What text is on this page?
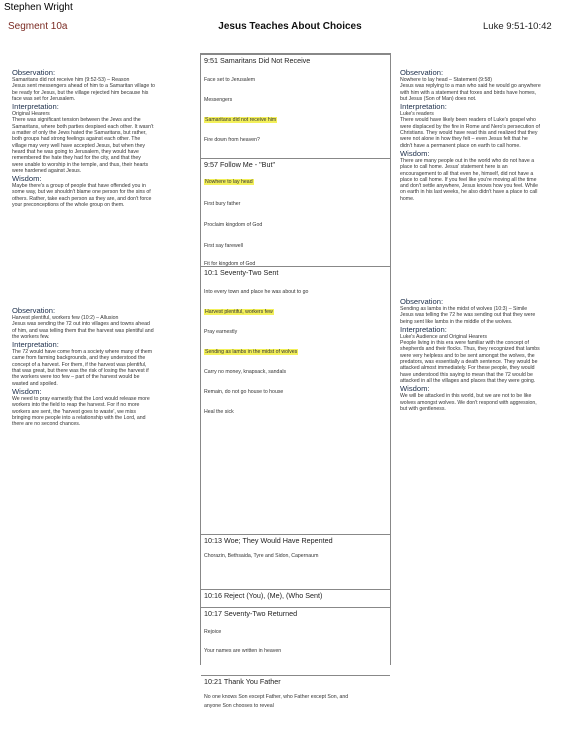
Stephen Wright
Segment 10a	Jesus Teaches About Choices	Luke 9:51-10:42

Observation:

Samaritans did not receive him (9:52-53) – Reason

Jesus sent messengers ahead of him to a Samaritan village to

be ready for Jesus, but the village rejected him because his

face was set for Jerusalem.

Interpretation:

Original Hearers

There was significant tension between the Jews and the

Samaritans, where both parties despised each other. It wasn't

a matter of only the Jews hated the Samaritans, but rather,

both groups had strong feelings against each other. The

village may very well have accepted Jesus, but when they

heard that he was going to Jerusalem, they would have

remembered the hate they had for the city, and that they

were unable to worship in the temple, and thus, their hearts

were hardened against Jesus.

Wisdom:

Maybe there's a group of people that have offended you in

some way, but we shouldn't blame one person for the sins of

others. Rather, take each person as they are, and don't force

your preconceptions of the whole group on them.

Observation:

Harvest plentiful, workers few (10:2) – Allusion

Jesus was sending the 72 out into villages and towns ahead

of him, and was telling them that the harvest was plentiful and

the workers few.

Interpretation:

The 72 would have come from a society where many of them

came from farming backgrounds, and they understood the

concept of a harvest. For them, if the harvest was plentiful,

that was great, but there was the risk of losing the harvest if

the workers were too few – part of the harvest would be

wasted and spoiled.

Wisdom:

We need to pray earnestly that the Lord would release more

workers into the field to reap the harvest. For if no more

workers are sent, the 'harvest goes to waste', we miss

bringing more people into a relationship with the Lord, and

there are no second chances.

Observation:

Nowhere to lay head – Statement (9:58)

Jesus was replying to a man who said he would go anywhere

with him with a statement that foxes and birds have homes,

but Jesus (Son of Man) does not.

Interpretation:

Luke's readers

There would have likely been readers of Luke's gospel who

were displaced by the fire in Rome and Nero's persecution of

Christians. They would have read this and realized that they

were not alone in how they felt – even Jesus felt that he

didn't have a permanent place on earth to call home.

Wisdom:

There are many people out in the world who do not have a

place to call home. Jesus' statement here is an

encouragement to all that even he, himself, did not have a

place to call home. If you feel like you're moving all the time

and don't settle anywhere, Jesus knows how you feel. While

on earth in his last weeks, he also didn't have a place to call

home.

Observation:

Sending as lambs in the midst of wolves (10:3) – Simile

Jesus was telling the 72 he was sending out that they were

being sent like lambs in the middle of the wolves.

Interpretation:

Luke's Audience and Original Hearers

People living in this era were familiar with the concept of

shepherds and their flocks. Thus, they recognized that lambs

were very helpless and to be sent amongst the wolves, the

predators, was essentially a death sentence. They would be

attacked almost immediately. For these people, they would

have understood this saying to mean that the 72 would be

attacked in all the villages and places that they were going.

Wisdom:

We will be attacked in this world, but we are not to be like

wolves amongst wolves. We don't respond with aggression,

but with gentleness.

9:51 Samaritans Did Not Receive
Face set to Jerusalem
Messengers
Samaritans did not receive him
Fire down from heaven?
9:57 Follow Me - "But"
Nowhere to lay head
First bury father
Proclaim kingdom of God
First say farewell
Fit for kingdom of God
10:1 Seventy-Two Sent
Into every town and place he was about to go
Harvest plentiful, workers few
Pray earnestly
Sending as lambs in the midst of wolves
Carry no money, knapsack, sandals
Remain, do not go house to house
Heal the sick
10:13 Woe; They Would Have Repented
Chorazin, Bethsaida, Tyre and Sidon, Capernaum
10:16 Reject (You), (Me), (Who Sent)
10:17 Seventy-Two Returned
Rejoice
Your names are written in heaven
10:21 Thank You Father
No one knows Son except Father, who Father except Son, and
anyone Son chooses to reveal
